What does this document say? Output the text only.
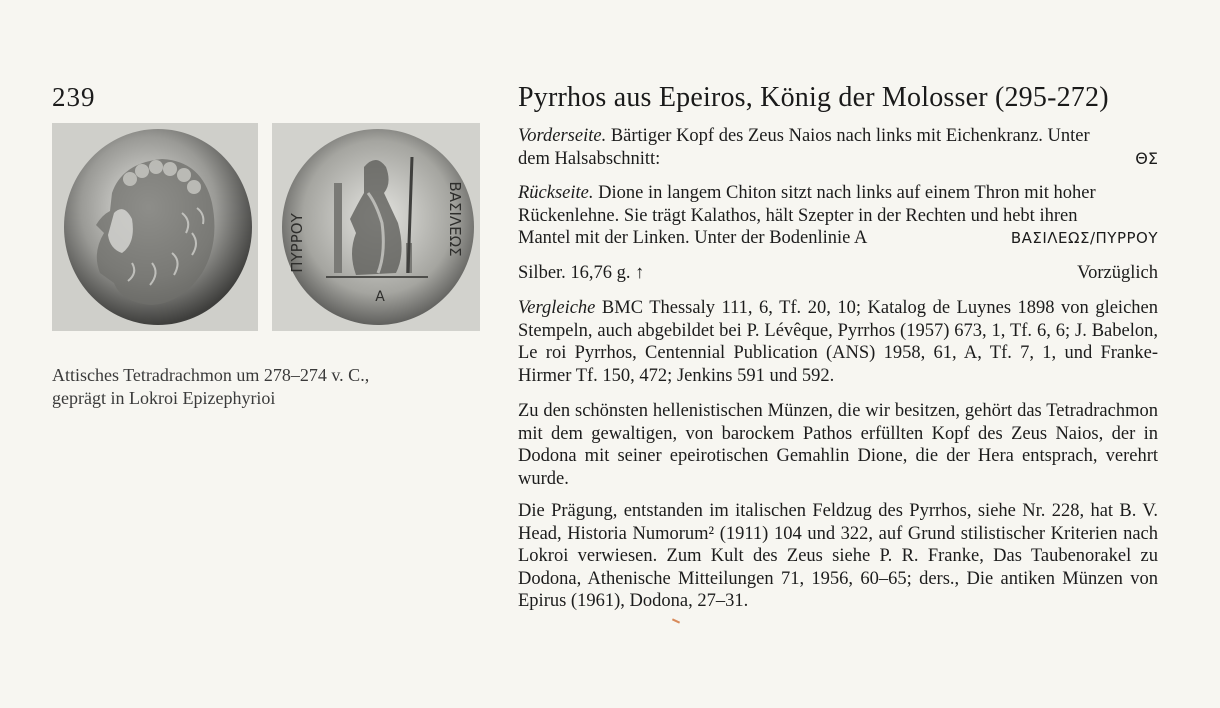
239
ΠΥΡΡΟΥ	ΒΑΣΙΛΕΩΣ
A
Attisches Tetradrachmon um 278–274 v. C.,
geprägt in Lokroi Epizephyrioi
Pyrrhos aus Epeiros, König der Molosser (295-272)
Vorderseite. Bärtiger Kopf des Zeus Naios nach links mit Eichenkranz. Unter
dem Halsabschnitt:	ΘΣ
Rückseite. Dione in langem Chiton sitzt nach links auf einem Thron mit hoher
Rückenlehne. Sie trägt Kalathos, hält Szepter in der Rechten und hebt ihren
Mantel mit der Linken. Unter der Bodenlinie A	ΒΑΣΙΛΕΩΣ/ΠΥΡΡΟΥ
Silber. 16,76 g. ↑	Vorzüglich
Vergleiche BMC Thessaly 111, 6, Tf. 20, 10; Katalog de Luynes 1898 von gleichen Stempeln, auch abgebildet bei P. Lévêque, Pyrrhos (1957) 673, 1, Tf. 6, 6; J. Babelon, Le roi Pyrrhos, Centennial Publication (ANS) 1958, 61, A, Tf. 7, 1, und Franke-Hirmer Tf. 150, 472; Jenkins 591 und 592.
Zu den schönsten hellenistischen Münzen, die wir besitzen, gehört das Tetradrachmon mit dem gewaltigen, von barockem Pathos erfüllten Kopf des Zeus Naios, der in Dodona mit seiner epeirotischen Gemahlin Dione, die der Hera entsprach, verehrt wurde.
Die Prägung, entstanden im italischen Feldzug des Pyrrhos, siehe Nr. 228, hat B. V. Head, Historia Numorum² (1911) 104 und 322, auf Grund stilistischer Kriterien nach Lokroi verwiesen. Zum Kult des Zeus siehe P. R. Franke, Das Taubenorakel zu Dodona, Athenische Mitteilungen 71, 1956, 60–65; ders., Die antiken Münzen von Epirus (1961), Dodona, 27–31.
